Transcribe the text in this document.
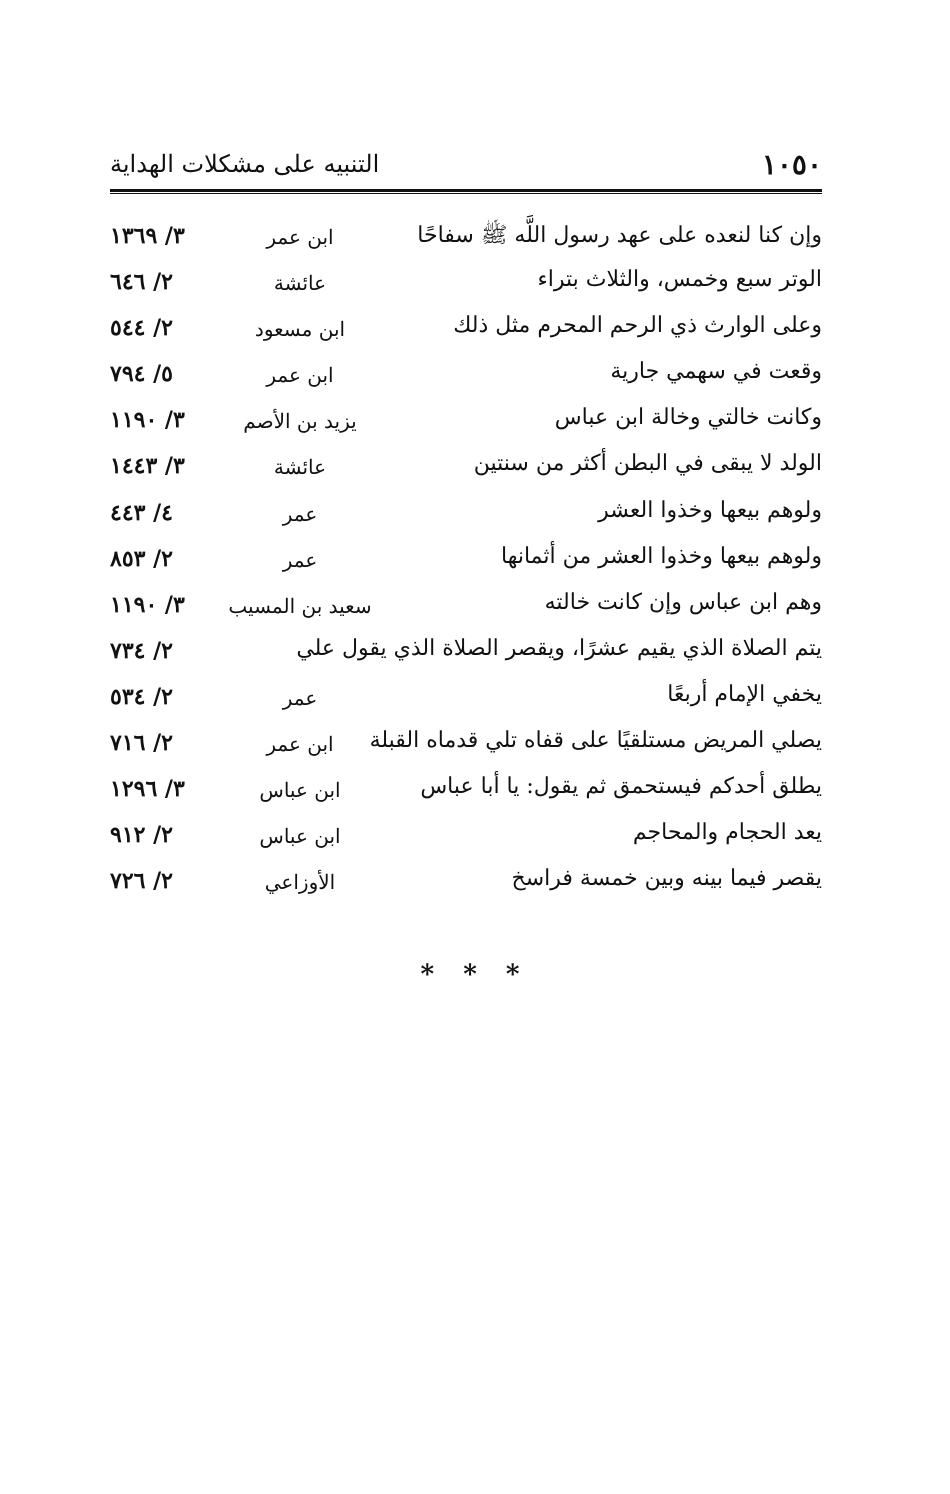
١٠٥٠
التنبيه على مشكلات الهداية
وإن كنا لنعده على عهد رسول اللَّه ﷺ سفاحًا
ابن عمر
٣/ ١٣٦٩
الوتر سبع وخمس، والثلاث بتراء
عائشة
٢/ ٦٤٦
وعلى الوارث ذي الرحم المحرم مثل ذلك
ابن مسعود
٢/ ٥٤٤
وقعت في سهمي جارية
ابن عمر
٥/ ٧٩٤
وكانت خالتي وخالة ابن عباس
يزيد بن الأصم
٣/ ١١٩٠
الولد لا يبقى في البطن أكثر من سنتين
عائشة
٣/ ١٤٤٣
ولوهم بيعها وخذوا العشر
عمر
٤/ ٤٤٣
ولوهم بيعها وخذوا العشر من أثمانها
عمر
٢/ ٨٥٣
وهم ابن عباس وإن كانت خالته
سعيد بن المسيب
٣/ ١١٩٠
يتم الصلاة الذي يقيم عشرًا، ويقصر الصلاة الذي يقول علي
٢/ ٧٣٤
يخفي الإمام أربعًا
عمر
٢/ ٥٣٤
يصلي المريض مستلقيًا على قفاه تلي قدماه القبلة
ابن عمر
٢/ ٧١٦
يطلق أحدكم فيستحمق ثم يقول: يا أبا عباس
ابن عباس
٣/ ١٢٩٦
يعد الحجام والمحاجم
ابن عباس
٢/ ٩١٢
يقصر فيما بينه وبين خمسة فراسخ
الأوزاعي
٢/ ٧٢٦
* * *
